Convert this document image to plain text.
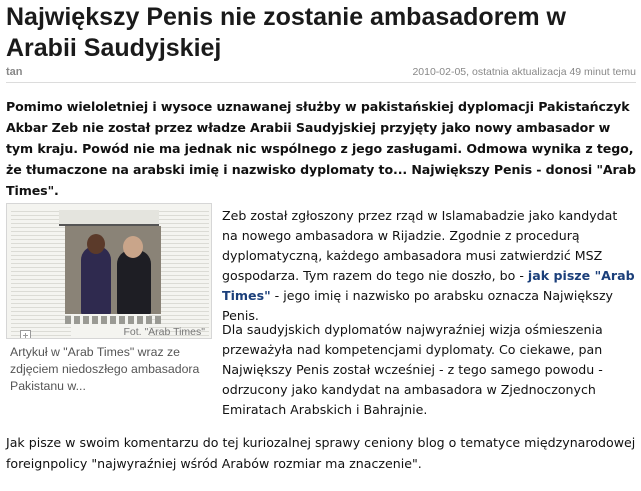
Największy Penis nie zostanie ambasadorem w Arabii Saudyjskiej
tan	2010-02-05, ostatnia aktualizacja 49 minut temu

Pomimo wieloletniej i wysoce uznawanej służby w pakistańskiej dyplomacji Pakistańczyk Akbar Zeb nie został przez władze Arabii Saudyjskiej przyjęty jako nowy ambasador w tym kraju. Powód nie ma jednak nic wspólnego z jego zasługami. Odmowa wynika z tego, że tłumaczone na arabski imię i nazwisko dyplomaty to... Największy Penis - donosi "Arab Times".

Fot. "Arab Times"

Artykuł w "Arab Times" wraz ze zdjęciem niedoszłego ambasadora Pakistanu w...

Zeb został zgłoszony przez rząd w Islamabadzie jako kandydat na nowego ambasadora w Rijadzie. Zgodnie z procedurą dyplomatyczną, każdego ambasadora musi zatwierdzić MSZ gospodarza. Tym razem do tego nie doszło, bo - jak pisze "Arab Times" - jego imię i nazwisko po arabsku oznacza Największy Penis.

Dla saudyjskich dyplomatów najwyraźniej wizja ośmieszenia przeważyła nad kompetencjami dyplomaty. Co ciekawe, pan Największy Penis został wcześniej - z tego samego powodu - odrzucony jako kandydat na ambasadora w Zjednoczonych Emiratach Arabskich i Bahrajnie.

Jak pisze w swoim komentarzu do tej kuriozalnej sprawy ceniony blog o tematyce międzynarodowej foreignpolicy "najwyraźniej wśród Arabów rozmiar ma znaczenie".
